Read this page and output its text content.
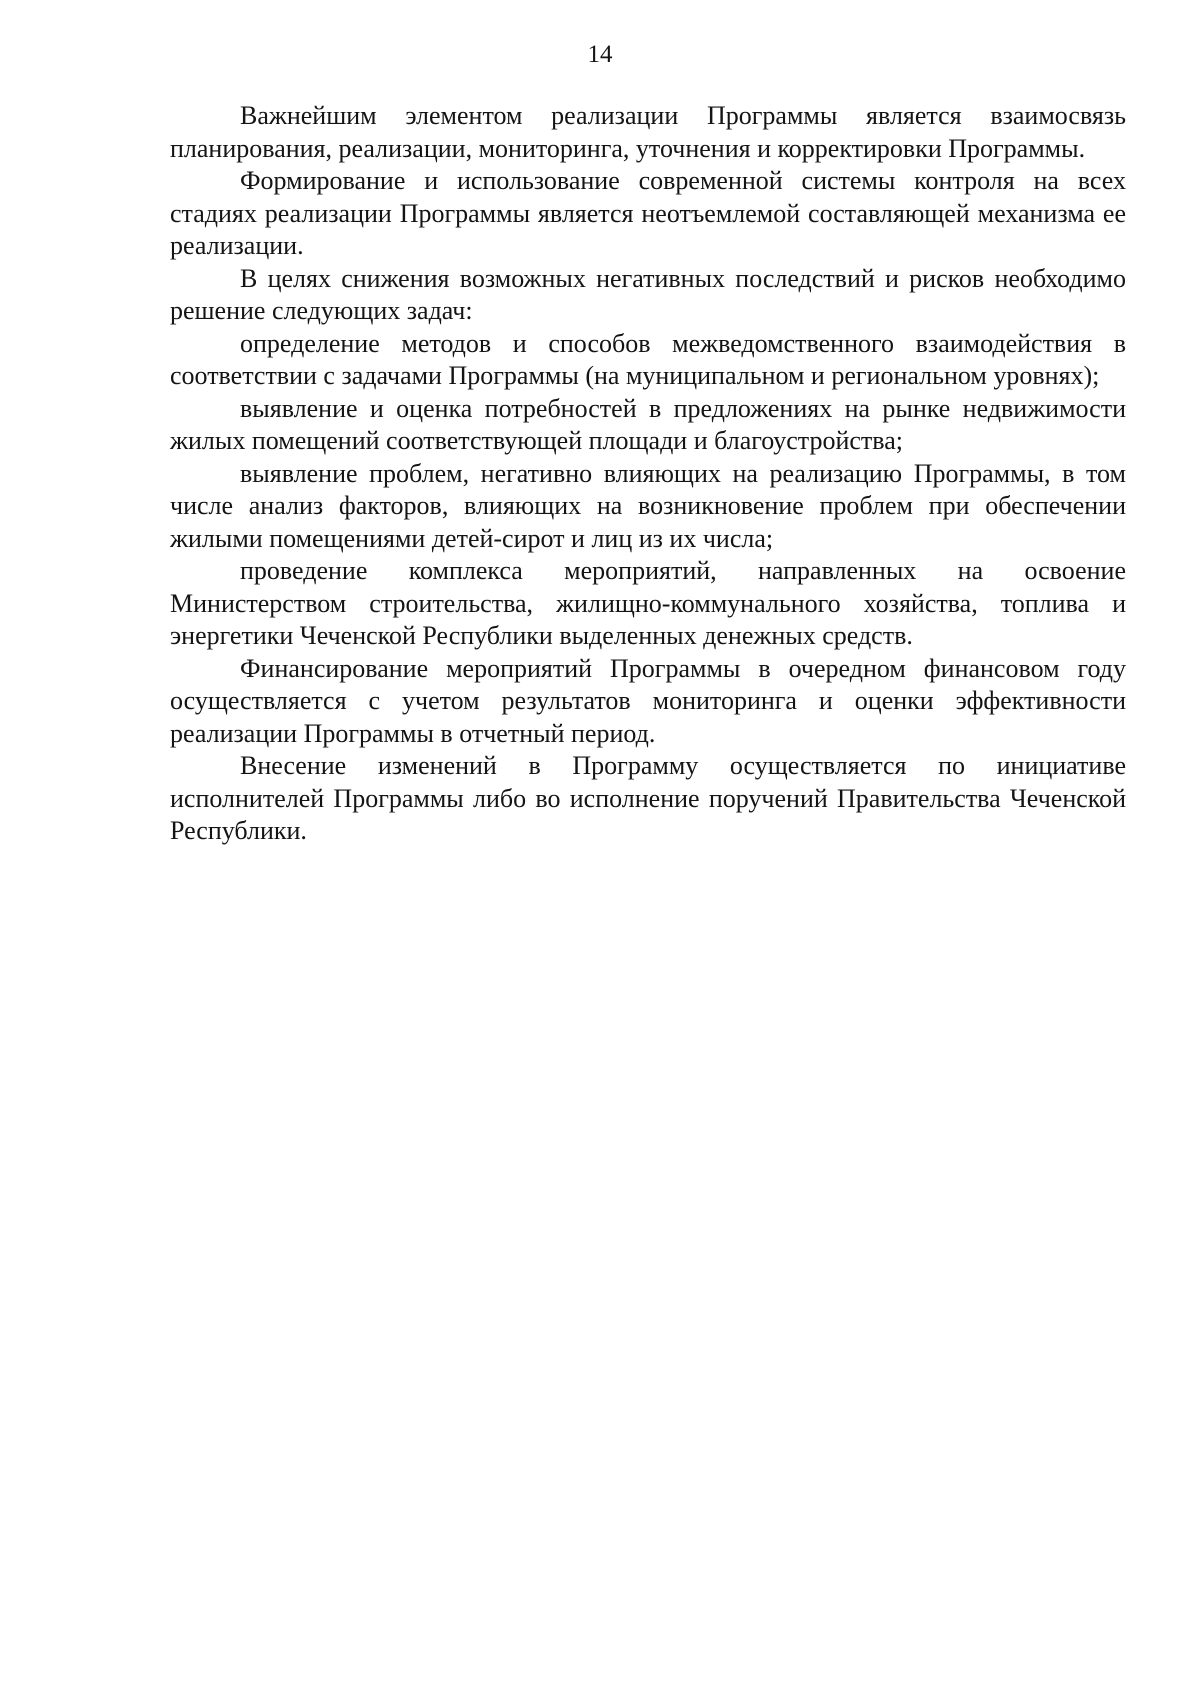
14

Важнейшим элементом реализации Программы является взаимосвязь планирования, реализации, мониторинга, уточнения и корректировки Программы.

Формирование и использование современной системы контроля на всех стадиях реализации Программы является неотъемлемой составляющей механизма ее реализации.

В целях снижения возможных негативных последствий и рисков необходимо решение следующих задач:

определение методов и способов межведомственного взаимодействия в соответствии с задачами Программы (на муниципальном и региональном уровнях);

выявление и оценка потребностей в предложениях на рынке недвижимости жилых помещений соответствующей площади и благоустройства;

выявление проблем, негативно влияющих на реализацию Программы, в том числе анализ факторов, влияющих на возникновение проблем при обеспечении жилыми помещениями детей-сирот и лиц из их числа;

проведение комплекса мероприятий, направленных на освоение Министерством строительства, жилищно-коммунального хозяйства, топлива и энергетики Чеченской Республики выделенных денежных средств.

Финансирование мероприятий Программы в очередном финансовом году осуществляется с учетом результатов мониторинга и оценки эффективности реализации Программы в отчетный период.

Внесение изменений в Программу осуществляется по инициативе исполнителей Программы либо во исполнение поручений Правительства Чеченской Республики.
